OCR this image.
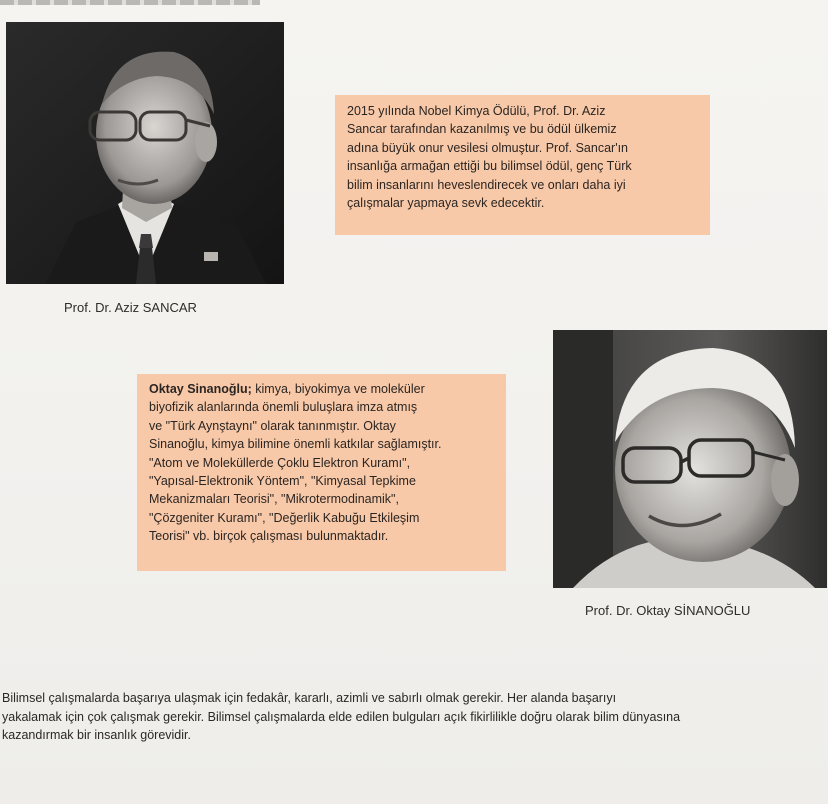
Prof. Dr. Aziz SANCAR
2015 yılında Nobel Kimya Ödülü, Prof. Dr. Aziz
Sancar tarafından kazanılmış ve bu ödül ülkemiz
adına büyük onur vesilesi olmuştur. Prof. Sancar'ın
insanlığa armağan ettiği bu bilimsel ödül, genç Türk
bilim insanlarını heveslendirecek ve onları daha iyi
çalışmalar yapmaya sevk edecektir.
Oktay Sinanoğlu; kimya, biyokimya ve moleküler
biyofizik alanlarında önemli buluşlara imza atmış
ve "Türk Aynştaynı" olarak tanınmıştır. Oktay
Sinanoğlu, kimya bilimine önemli katkılar sağlamıştır.
"Atom ve Moleküllerde Çoklu Elektron Kuramı",
"Yapısal-Elektronik Yöntem", "Kimyasal Tepkime
Mekanizmaları Teorisi", "Mikrotermodinamik",
"Çözgeniter Kuramı", "Değerlik Kabuğu Etkileşim
Teorisi" vb. birçok çalışması bulunmaktadır.
Prof. Dr. Oktay SİNANOĞLU
Bilimsel çalışmalarda başarıya ulaşmak için fedakâr, kararlı, azimli ve sabırlı olmak gerekir. Her alanda başarıyı
yakalamak için çok çalışmak gerekir. Bilimsel çalışmalarda elde edilen bulguları açık fikirlilikle doğru olarak bilim dünyasına
kazandırmak bir insanlık görevidir.
